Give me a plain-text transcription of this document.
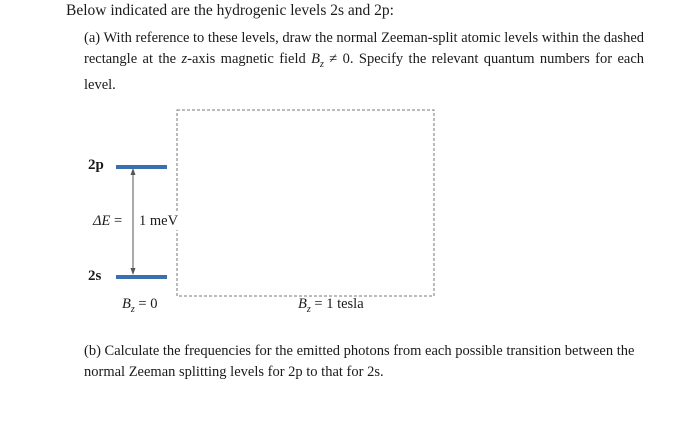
Below indicated are the hydrogenic levels 2s and 2p:
(a) With reference to these levels, draw the normal Zeeman-split atomic levels within the dashed rectangle at the z-axis magnetic field $B_z \ne 0$. Specify the relevant quantum numbers for each level.
2p
2s
ΔE = 1 meV
$B_z = 0$	$B_z = 1$ tesla
(b) Calculate the frequencies for the emitted photons from each possible transition between the normal Zeeman splitting levels for 2p to that for 2s.
